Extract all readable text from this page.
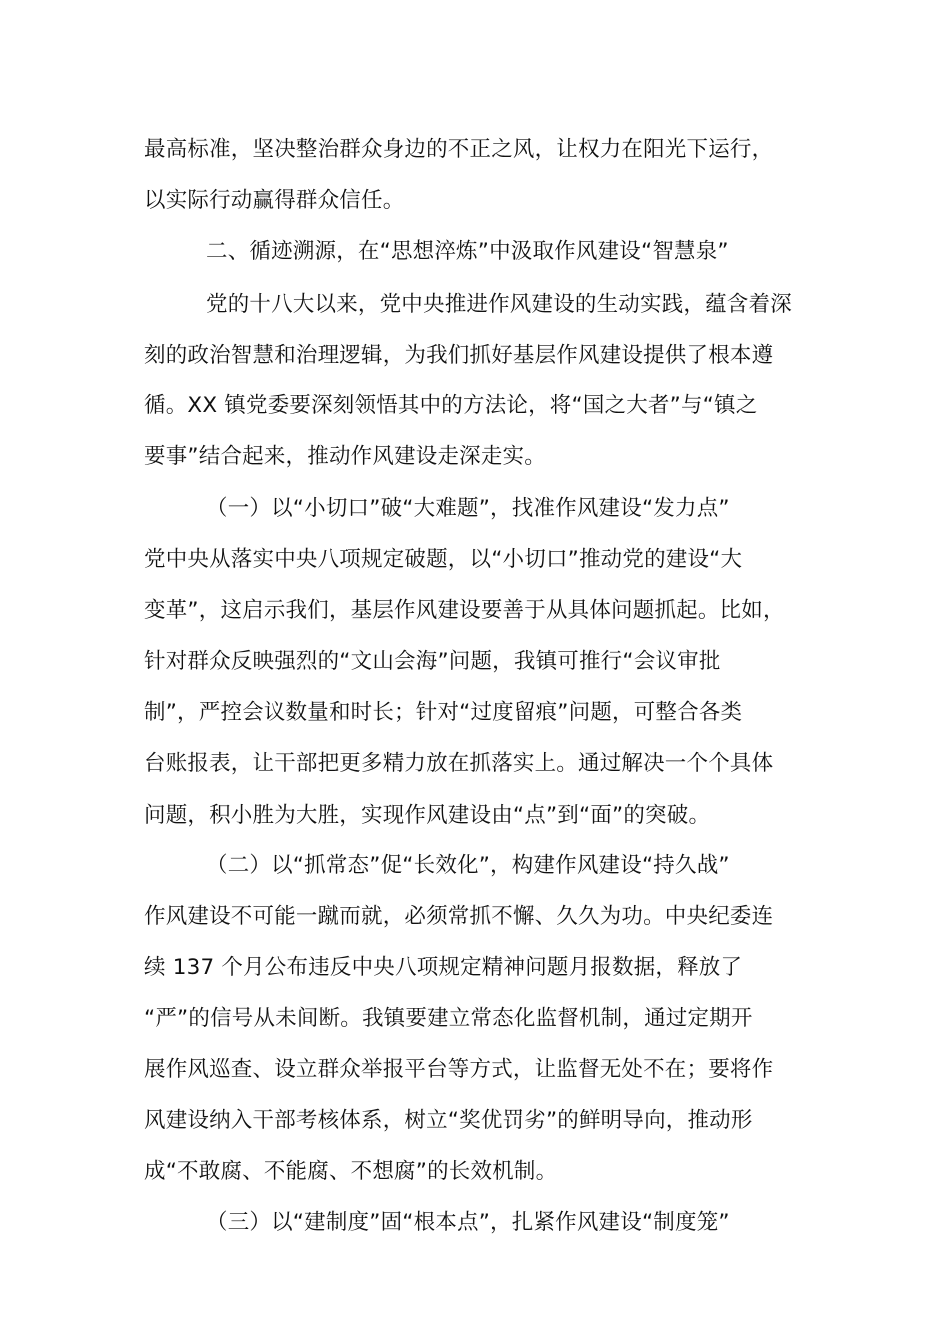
最高标准，坚决整治群众身边的不正之风，让权力在阳光下运行，
以实际行动赢得群众信任。
二、循迹溯源，在“思想淬炼”中汲取作风建设“智慧泉”
党的十八大以来，党中央推进作风建设的生动实践，蕴含着深
刻的政治智慧和治理逻辑，为我们抓好基层作风建设提供了根本遵
循。XX 镇党委要深刻领悟其中的方法论，将“国之大者”与“镇之
要事”结合起来，推动作风建设走深走实。
（一）以“小切口”破“大难题”，找准作风建设“发力点”
党中央从落实中央八项规定破题，以“小切口”推动党的建设“大
变革”，这启示我们，基层作风建设要善于从具体问题抓起。比如，
针对群众反映强烈的“文山会海”问题，我镇可推行“会议审批
制”，严控会议数量和时长；针对“过度留痕”问题，可整合各类
台账报表，让干部把更多精力放在抓落实上。通过解决一个个具体
问题，积小胜为大胜，实现作风建设由“点”到“面”的突破。
（二）以“抓常态”促“长效化”，构建作风建设“持久战”
作风建设不可能一蹴而就，必须常抓不懈、久久为功。中央纪委连
续 137 个月公布违反中央八项规定精神问题月报数据，释放了
“严”的信号从未间断。我镇要建立常态化监督机制，通过定期开
展作风巡查、设立群众举报平台等方式，让监督无处不在；要将作
风建设纳入干部考核体系，树立“奖优罚劣”的鲜明导向，推动形
成“不敢腐、不能腐、不想腐”的长效机制。
（三）以“建制度”固“根本点”，扎紧作风建设“制度笼”
